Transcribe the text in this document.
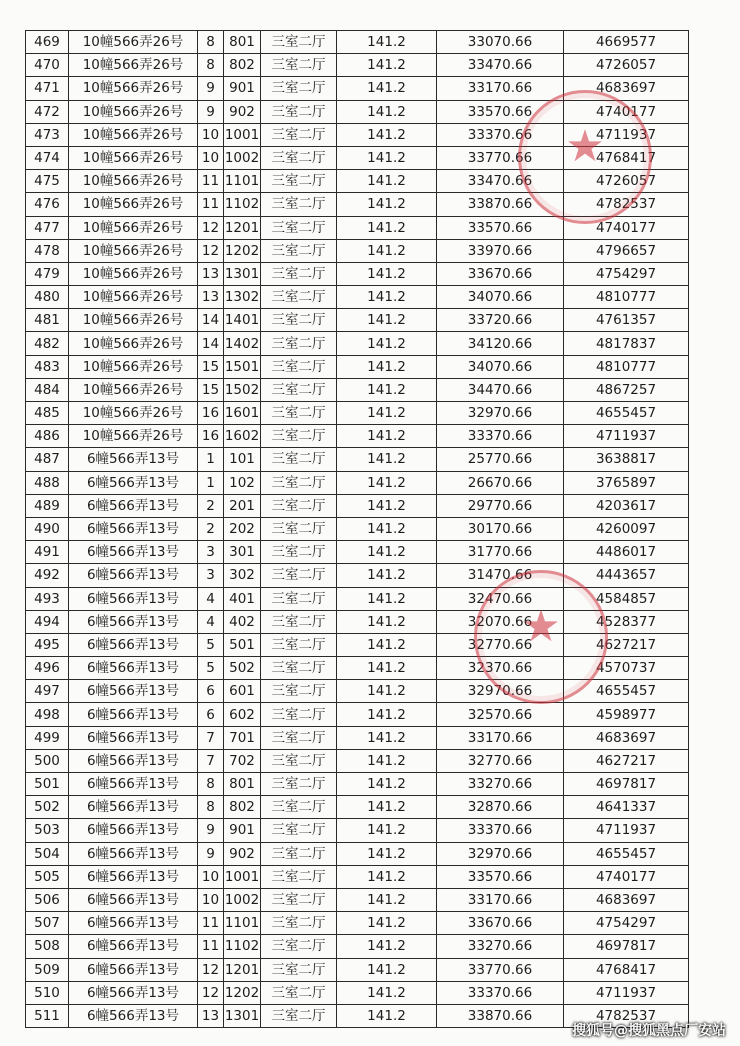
469	10幢566弄26号	8	801	三室二厅	141.2	33070.66	4669577
470	10幢566弄26号	8	802	三室二厅	141.2	33470.66	4726057
471	10幢566弄26号	9	901	三室二厅	141.2	33170.66	4683697
472	10幢566弄26号	9	902	三室二厅	141.2	33570.66	4740177
473	10幢566弄26号	10	1001	三室二厅	141.2	33370.66	4711937
474	10幢566弄26号	10	1002	三室二厅	141.2	33770.66	4768417
475	10幢566弄26号	11	1101	三室二厅	141.2	33470.66	4726057
476	10幢566弄26号	11	1102	三室二厅	141.2	33870.66	4782537
477	10幢566弄26号	12	1201	三室二厅	141.2	33570.66	4740177
478	10幢566弄26号	12	1202	三室二厅	141.2	33970.66	4796657
479	10幢566弄26号	13	1301	三室二厅	141.2	33670.66	4754297
480	10幢566弄26号	13	1302	三室二厅	141.2	34070.66	4810777
481	10幢566弄26号	14	1401	三室二厅	141.2	33720.66	4761357
482	10幢566弄26号	14	1402	三室二厅	141.2	34120.66	4817837
483	10幢566弄26号	15	1501	三室二厅	141.2	34070.66	4810777
484	10幢566弄26号	15	1502	三室二厅	141.2	34470.66	4867257
485	10幢566弄26号	16	1601	三室二厅	141.2	32970.66	4655457
486	10幢566弄26号	16	1602	三室二厅	141.2	33370.66	4711937
487	6幢566弄13号	1	101	三室二厅	141.2	25770.66	3638817
488	6幢566弄13号	1	102	三室二厅	141.2	26670.66	3765897
489	6幢566弄13号	2	201	三室二厅	141.2	29770.66	4203617
490	6幢566弄13号	2	202	三室二厅	141.2	30170.66	4260097
491	6幢566弄13号	3	301	三室二厅	141.2	31770.66	4486017
492	6幢566弄13号	3	302	三室二厅	141.2	31470.66	4443657
493	6幢566弄13号	4	401	三室二厅	141.2	32470.66	4584857
494	6幢566弄13号	4	402	三室二厅	141.2	32070.66	4528377
495	6幢566弄13号	5	501	三室二厅	141.2	32770.66	4627217
496	6幢566弄13号	5	502	三室二厅	141.2	32370.66	4570737
497	6幢566弄13号	6	601	三室二厅	141.2	32970.66	4655457
498	6幢566弄13号	6	602	三室二厅	141.2	32570.66	4598977
499	6幢566弄13号	7	701	三室二厅	141.2	33170.66	4683697
500	6幢566弄13号	7	702	三室二厅	141.2	32770.66	4627217
501	6幢566弄13号	8	801	三室二厅	141.2	33270.66	4697817
502	6幢566弄13号	8	802	三室二厅	141.2	32870.66	4641337
503	6幢566弄13号	9	901	三室二厅	141.2	33370.66	4711937
504	6幢566弄13号	9	902	三室二厅	141.2	32970.66	4655457
505	6幢566弄13号	10	1001	三室二厅	141.2	33570.66	4740177
506	6幢566弄13号	10	1002	三室二厅	141.2	33170.66	4683697
507	6幢566弄13号	11	1101	三室二厅	141.2	33670.66	4754297
508	6幢566弄13号	11	1102	三室二厅	141.2	33270.66	4697817
509	6幢566弄13号	12	1201	三室二厅	141.2	33770.66	4768417
510	6幢566弄13号	12	1202	三室二厅	141.2	33370.66	4711937
511	6幢566弄13号	13	1301	三室二厅	141.2	33870.66	4782537
★
★
搜狐号@搜狐黑点厂安站
